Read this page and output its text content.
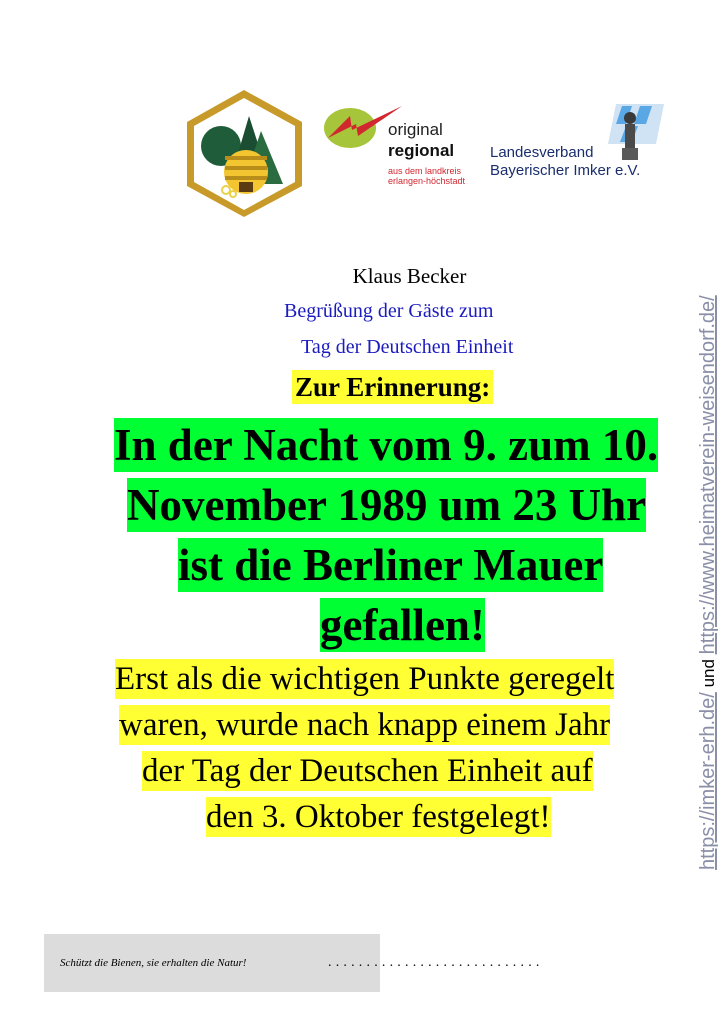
original
regional
aus dem landkreis
erlangen-höchstadt
Landesverband
Bayerischer Imker e.V.
Klaus Becker
Begrüßung der Gäste zum
Tag der Deutschen Einheit
Zur Erinnerung:
In der Nacht vom 9. zum 10.
November 1989 um 23 Uhr
ist die Berliner Mauer
gefallen!
Erst als die wichtigen Punkte geregelt
waren, wurde nach knapp einem Jahr
der Tag der Deutschen Einheit auf
den 3. Oktober festgelegt!	https://imker-erh.de/ und https://www.heimatverein-weisendorf.de/
Schützt die Bienen, sie erhalten die Natur!	............................
